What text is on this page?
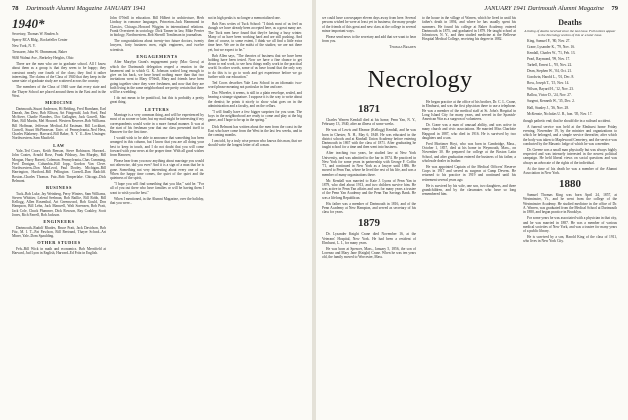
78 Dartmouth Alumni Magazine JANUARY 1941
1940*

Secretary, Thomas W. Braden Jr.

Sperry RCA Bldg., Rockefeller Center

New York, N. Y.

Treasurer, John W. Ohnmenant, Baker

9630 Walnut Ave., Berkeley Heights, Ohio

There are the men who are in graduate school. All I know about them as a group is that they seem to be happy; they construct nearly one fourth of the class; they find it rather interesting. The claims of the Class of 1940 that they keep in the same state of graduate study are scattered across the country.

The members of the Class of 1940 sure that every state and the Thayer School are placed around them in the East and in the West.

MEDICINE

Dartmouth–Stuart Anderson, Hi Belding, Fred Burnham, Earl Darrah, Jim Dow, Bob Ellison, Art Fitzgerald, Jack Ford, Paul McAteer, Charlie Flanders, Doc Gallagher, Jack Gawell, Mac Hart, Bill Martin, Mel Howard. Western Reserve–Bob Williams. Bill Hoffman, Jefferson Medical–Ed Eastman. Bill Lockhart, Cornell, Stuart McPhearson. Univ. of Pennsylvania–Ned Hess, Charles Blakeney. Harvard–Bill Baker, N. Y. U.–Ken Unsinger. Northwestern–Sam Maxfield.

LAW

Yale–Ted Coors, Keith Benson, Steve Robinson. Harvard–John Coates, Arnold Rose, Frank Pilsbury, Jim Murphy, Bill Morgan, Harry Barrett, Coleman. Pennsylvania–Chas Cumming, Fred Donigan, Columbia–Bill Jopp, Gordon Van Cleve. Northwestern–Don MacLeod, Paul Dooley. Michigan–Bill Harrington, Hartford–Bill Pellington. Cornell–Dan Radcliff. Boston–Charles Thomas. Fair–Bob Timperlake. Chicago–Dick Belmont.

BUSINESS

Tuck–Bob Luke, Jay Weinberg, Perry Winters, Sam Williams, Steven Whittier, Lelend Seelman, Bob Baillie, Bill Robb, Bill Kellogg, Allen Rosenthal, Art Greenwood, Bob Gould, Don Hampson, Bill Lehn, Jack Manwell, Walt Sorensen, Bob Pratt, Jack Cole, Chuck Plummer, Dick Rowson, Ray Coakley, Scott Jones, Rich Farrell, Bob Jackson.

ENGINEERS

Dartmouth–Rudolf Rhodes, Bruce Pratt, Jack Davidson, Bob Fitz, M. I. T.–Pat Pawlson, Bill Bertrand, Thayer School–Art Miner, Yale–Dom Spaulding.

OTHER STUDIES

Fels–Bill Wick in math and economics. Bob Merrifield at Harvard, Jud Lyon in English, Harvard–Ed Fritz in English.

John O'Neill in education. Bill Hilbert in architecture, Herb Lindsay in romance languages, Princeton–Jack Hammond in Classics, Chicago–Howard Wiggins in international relations. Frank Overstreet in sociology. Dick Tanner in law, Mike Perrier in biology, Northwestern–Bob Sherrill Tomlinson in journalism.

The congratulations about twenty-two future doctors, twenty lawyers, forty business men, eight engineers, and twelve scientists.

ENGAGEMENTS

After Marylyn Grant's engagement party (Mac Gross) at which the Dartmouth delegation reaped a reunion in the basement and to which G. K. Johnson waited long enough to give on his back, we have heard nothing more than that two invitations went to Mary O'Neill, Mary and friends have been going together since they were freshmen, and now that they are both living in the same neighborhood are pretty certain that there will be a wedding.

I do not mean to be pontifical, but this is probably a pretty great thing.

LETTERS

Marriage is a very common thing, and will be experienced by most of us sooner or later, but my mail might be interesting if my correspondents would write in a more formal manner. It was at the start of his freshman year that our class presented itself to Hanover for the first time.

I would wish to be able to announce that something has been arranged in this column, but I know that you are all doing your best to keep in touch, and I do not doubt that you will come forward with your news at the proper time. With all good wishes from Hanover,

Please hear from you now anything about marriage you would not otherwise, did you ever? And it is a sign of a man that he is gone. Something not very interesting about every one of us. When the happy time comes, the quiet of the quiet and the quietness of the spirit,

"I hope you will find something that you like," said he. "For all of you out there who have families or will be having them I want to wish you the best."

When I mentioned, in the Alumni Magazine, over the holiday, that you were...

not in high peaks is no longer a memorialized one.

Bob Fass writes of Tuck School: "I think most of us feel as though we have already been accepted here, as a great many are. The Tuck men have found that they're having a busy winter. Many of us have been working hard and are still pushing. And then of course, to some extent, I think we all find a little extra time here. We are in the midst of the studies; we are not there yet, but we expect to be."

Bob Allen says, "The theories of business that we have been holding have been tested. Now we have a fine chance to get down to real work, to see how things really work in the practical world. In other words, some of us have found that the only way to do this is to go to work and get experience before we go further with our education."

Ted Coors describes Yale Law School in an idiomatic two-word phrase meaning not particular in fine and rare.

Doc Wheeler, it seems, is still in a plain envelope, sealed, and bearing a strange signature. I suppose it is the way to write about the dentist; he prints it nicely to show what goes on in the administration and a faculty, and on the cellars.

"I will finally have a few bigger surprises for you soon. The boys in the neighborhood are ready to come and play at the big game, and I hope to be up in the spring."

Dick Belmont has written about the men from the coast in the East who have come from the West in the last few weeks, and in the coming months.

I am told, by a truly wise person who knows this man, that we should write the longest letter of all a man.

JANUARY 1941 Dartmouth Alumni Magazine 79

we could have a newspaper eleven days away from here. Several persons wished he were at least yet in business; the many people of the friends of this great and new class at the college in several minor important ways.

Please send news to the secretary and add that we want to hear from you.

Thomas Braden

to the house in the village of Warren, which he lived in until his father's death in 1894, and where he has usually spent his summers. He found his college at Baker Academy, entered Dartmouth in 1875, and graduated in 1879. He taught school at Johnstown, N. Y., and then studied medicine at the Bellevue Hospital Medical College, receiving his degree in 1882.

Necrology
1871

Charles Warren Kendall died at his home, Penn Yan, N. Y., February 13, 1940, after an illness of some weeks.

He was of Lewis and Eleanor (Kellogg) Kendall, and he was born in Chester, N. H., May 6, 1848. He was educated in the district schools and at Kimball Union Academy before entering Dartmouth in 1867 with the class of 1871. After graduating he taught school for a time and then went into business.

After teaching two years, he studied law at New York University, and was admitted to the bar in 1874. He practiced in New York for some years in partnership with George F. Coffin '71, and continued in New York as a lawyer until 1886. He moved to Penn Yan, where he lived the rest of his life, and was a member of many organizations there.

Mr. Kendall was married to Kate J. Lyons of Penn Yan in 1879, who died about 1913, and two children survive him. He was active in Penn Yan affairs and was for many years a trustee of the Penn Yan Academy and the Penn Yan Savings Bank. He was a lifelong Republican.

His father was a member of Dartmouth in 1816, and of the Penn Academy at New Hampton, and served as secretary of his class for years.

1879

Dr. Lysander Knight Crane died November 16, at the Veterans' Hospital, New York. He had been a resident of Elmhurst, L. I., for many years.

He was born at Spencer, Mass., January 5, 1856, the son of Lorenzo and Mary Jane (Knight) Crane. When he was ten years old, the family moved to Worcester, Mass.

He began practice at the office of his brother, Dr. C. L. Crane, in Elmhurst, and was the first physician there to use a telephone. He was a member of the medical staff at St. John's Hospital in Long Island City for many years, and served in the Spanish-American War as a surgeon of volunteers.

Dr. Crane was a man of unusual ability, and was active in many church and civic associations. He married Miss Charlotte Hapgood in 1887, who died in 1916. He is survived by two daughters and a son.

Fred Mortimer Hoyt, who was born in Cambridge, Mass., October 1, 1857, died at his home in Weymouth, Mass., on November 30. He prepared for college at the Boston Latin School, and after graduation entered the business of his father, a wholesale dealer in leather.

He was appointed Captain of the Medical Officers' Reserve Corps in 1917 and served as surgeon at Camp Devens. He returned to his practice in 1919 and continued until his retirement several years ago.

He is survived by his wife, one son, two daughters, and three grandchildren, and by the classmates who have so long remembered him.

Deaths
A listing of deaths received since the last issue. Full notices appear in the Necrology section of this or a later issue.

King, Samuel F., '80, Nov. 27.

Crane, Lysander K., '79, Nov. 16.

Kendall, Charles W., '71, Feb. 13.

Pearl, Raymond, '99, Nov. 17.

Tarbell, Ernest L., '95, Nov. 22.

Dean, Stephen W., '04, Oct. 21.

Goodwin, Harold L., '01, Dec. 8.

Ross, Joseph T., '15, Nov. 14.

Wilson, Bayard H., '12, Nov. 23.

Ballou, Victor D., '24, Nov. 27.

Sargent, Kenneth W., '35, Dec. 2.

Hall, Stanley J., '36, Nov. 28.

McKenzie, Nicholas U. B., hon. '05, Nov. 17.

though pathetic end; that he should die in a railroad accident.

A funeral service was held at the Elmhurst home Friday evening, November 19, by the minister and organizations to which he belonged, and a simple service thereafter, after which the body was taken to Maplewood Cemetery, and the service was conducted by the Masonic lodge of which he was a member.

Dr. Greene was a small man physically but was always highly respected and was intensely interested in the newest political campaign. He held liberal views on social questions and was always an advocate of the rights of the individual.

At the time of his death he was a member of the Alumni Association in New York.

1880

Samuel Thomas King was born April 24, 1857, at Westminster, Vt., and he went from the college of the Westminster Academy. He studied medicine in the office of Dr. A. Warren, was graduated from the Medical School at Dartmouth in 1880, and began practice in Brooklyn.

For some years he was associated with a physician in that city, and he was married in 1887. He was a member of various medical societies of New York, and was a trustee for many years of a public library.

He is survived by a son, Harold King of the class of 1911, who lives in New York City.
